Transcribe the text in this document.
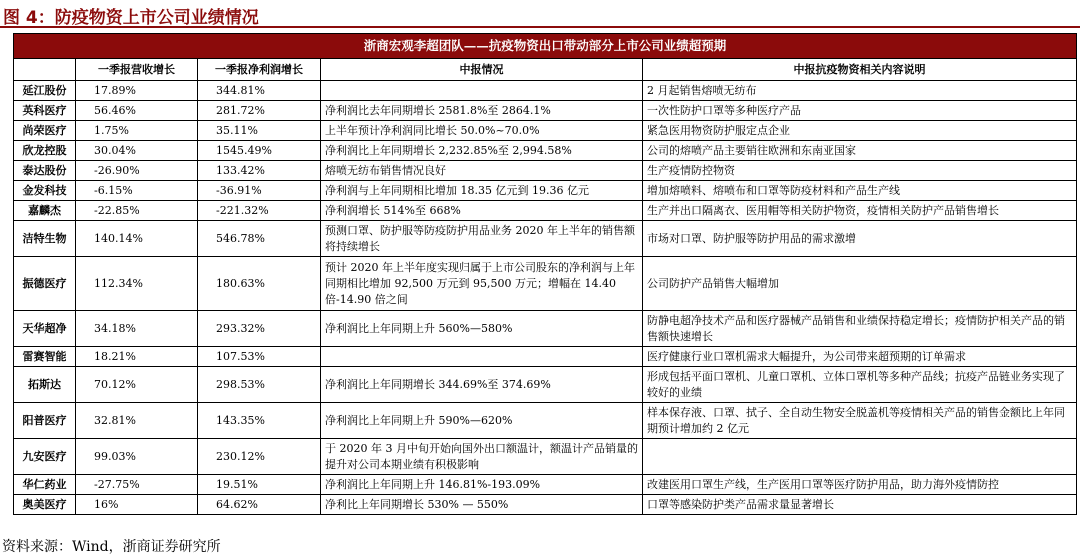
图 4：防疫物资上市公司业绩情况
浙商宏观李超团队——抗疫物资出口带动部分上市公司业绩超预期				
	一季报营收增长	一季报净利润增长	中报情况	中报抗疫物资相关内容说明
延江股份	17.89%	344.81%		2 月起销售熔喷无纺布
英科医疗	56.46%	281.72%	净利润比去年同期增长 2581.8%至 2864.1%	一次性防护口罩等多种医疗产品
尚荣医疗	1.75%	35.11%	上半年预计净利润同比增长 50.0%~70.0%	紧急医用物资防护服定点企业
欣龙控股	30.04%	1545.49%	净利润比上年同期增长 2,232.85%至 2,994.58%	公司的熔喷产品主要销往欧洲和东南亚国家
泰达股份	-26.90%	133.42%	熔喷无纺布销售情况良好	生产疫情防控物资
金发科技	-6.15%	-36.91%	净利润与上年同期相比增加 18.35 亿元到 19.36 亿元	增加熔喷料、熔喷布和口罩等防疫材料和产品生产线
嘉麟杰	-22.85%	-221.32%	净利润增长 514%至 668%	生产并出口隔离衣、医用帽等相关防护物资，疫情相关防护产品销售增长
洁特生物	140.14%	546.78%	预测口罩、防护服等防疫防护用品业务 2020 年上半年的销售额将持续增长	市场对口罩、防护服等防护用品的需求激增
振德医疗	112.34%	180.63%	预计 2020 年上半年度实现归属于上市公司股东的净利润与上年同期相比增加 92,500 万元到 95,500 万元；增幅在 14.40 倍-14.90 倍之间	公司防护产品销售大幅增加
天华超净	34.18%	293.32%	净利润比上年同期上升 560%—580%	防静电超净技术产品和医疗器械产品销售和业绩保持稳定增长；疫情防护相关产品的销售额快速增长
雷赛智能	18.21%	107.53%		医疗健康行业口罩机需求大幅提升，为公司带来超预期的订单需求
拓斯达	70.12%	298.53%	净利润比上年同期增长 344.69%至 374.69%	形成包括平面口罩机、儿童口罩机、立体口罩机等多种产品线；抗疫产品链业务实现了较好的业绩
阳普医疗	32.81%	143.35%	净利润比上年同期上升 590%—620%	样本保存液、口罩、拭子、全自动生物安全脱盖机等疫情相关产品的销售金额比上年同期预计增加约 2 亿元
九安医疗	99.03%	230.12%	于 2020 年 3 月中旬开始向国外出口额温计，额温计产品销量的提升对公司本期业绩有积极影响	
华仁药业	-27.75%	19.51%	净利润比上年同期上升 146.81%-193.09%	改建医用口罩生产线，生产医用口罩等医疗防护用品，助力海外疫情防控
奥美医疗	16%	64.62%	净利比上年同期增长 530% — 550%	口罩等感染防护类产品需求量显著增长
资料来源：Wind，浙商证券研究所
